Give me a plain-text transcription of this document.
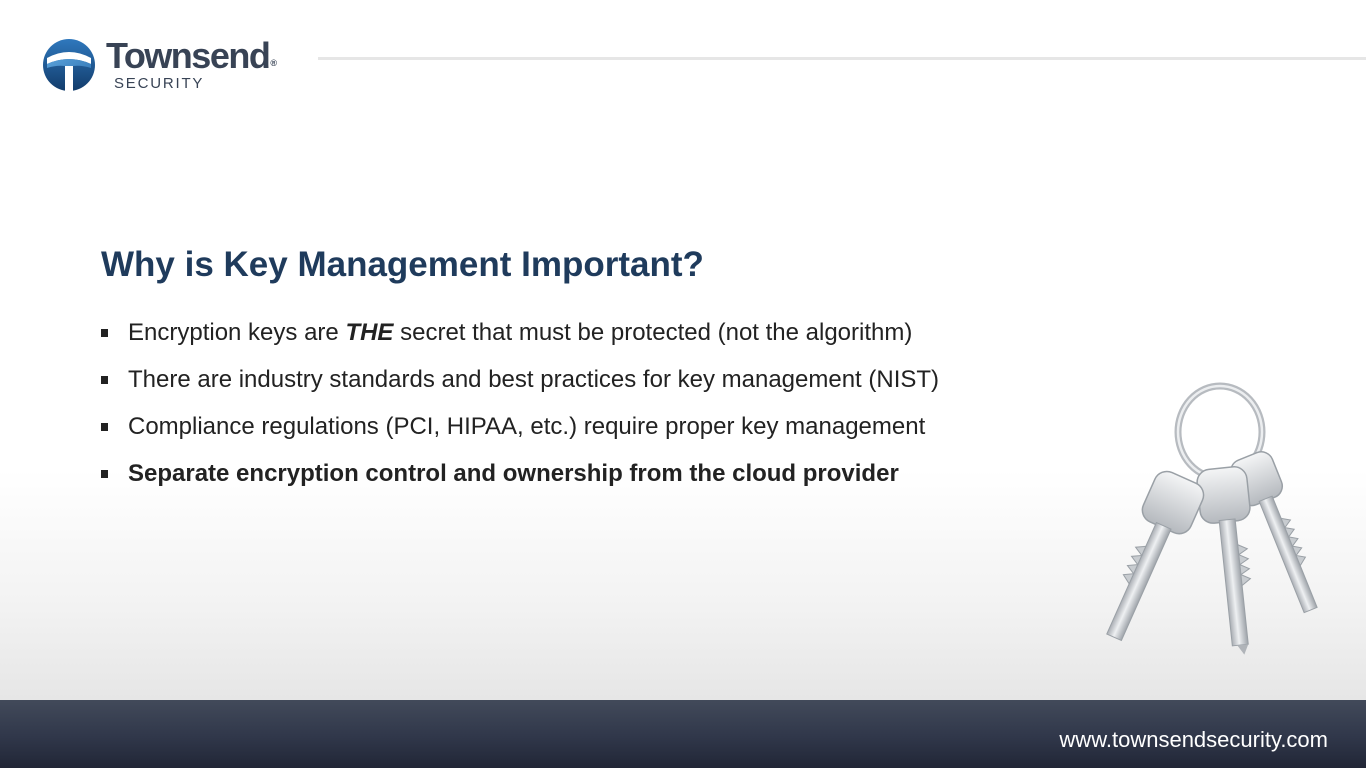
Townsend®
SECURITY
Why is Key Management Important?
Encryption keys are THE secret that must be protected (not the algorithm)
There are industry standards and best practices for key management (NIST)
Compliance regulations (PCI, HIPAA, etc.) require proper key management
Separate encryption control and ownership from the cloud provider
www.townsendsecurity.com
